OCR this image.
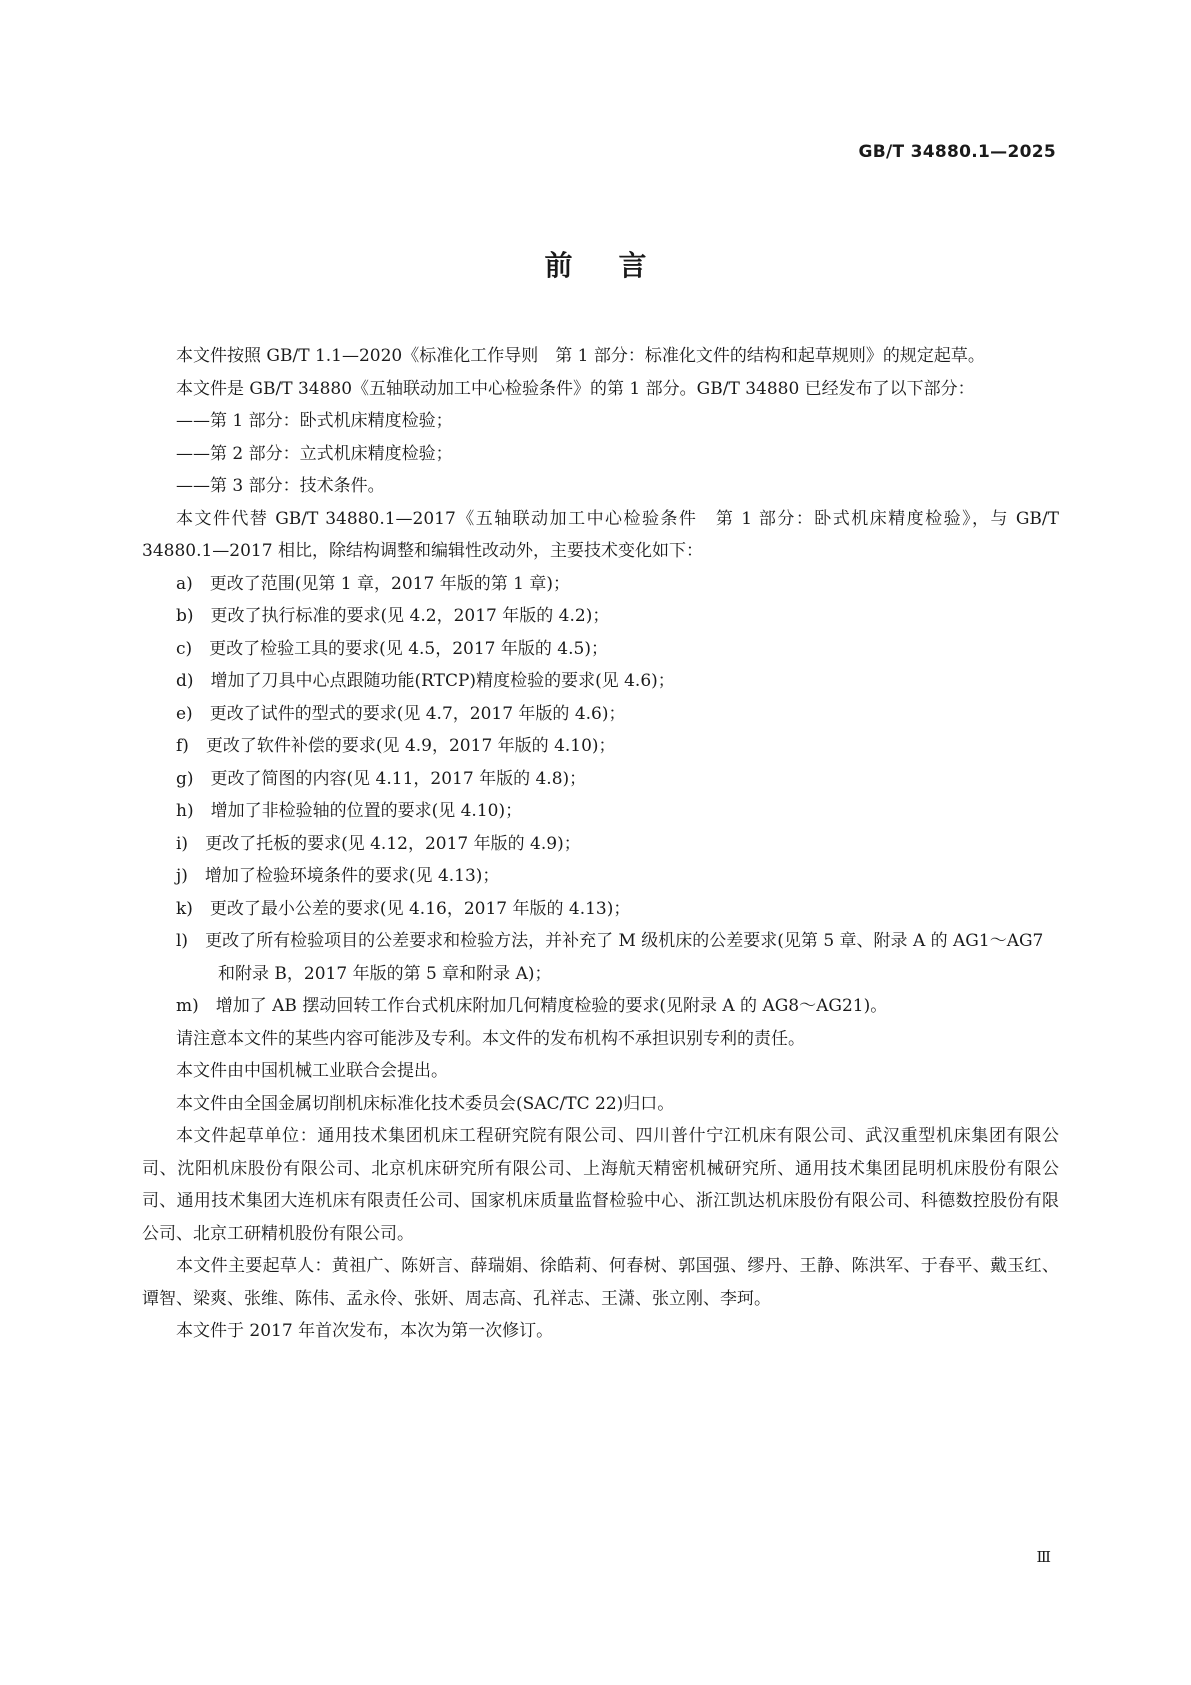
GB/T 34880.1—2025
前言

本文件按照 GB/T 1.1—2020《标准化工作导则　第 1 部分：标准化文件的结构和起草规则》的规定起草。

本文件是 GB/T 34880《五轴联动加工中心检验条件》的第 1 部分。GB/T 34880 已经发布了以下部分：

——第 1 部分：卧式机床精度检验；

——第 2 部分：立式机床精度检验；

——第 3 部分：技术条件。

本文件代替 GB/T 34880.1—2017《五轴联动加工中心检验条件　第 1 部分：卧式机床精度检验》，与 GB/T 34880.1—2017 相比，除结构调整和编辑性改动外，主要技术变化如下：

a)　更改了范围(见第 1 章，2017 年版的第 1 章)；

b)　更改了执行标准的要求(见 4.2，2017 年版的 4.2)；

c)　更改了检验工具的要求(见 4.5，2017 年版的 4.5)；

d)　增加了刀具中心点跟随功能(RTCP)精度检验的要求(见 4.6)；

e)　更改了试件的型式的要求(见 4.7，2017 年版的 4.6)；

f)　更改了软件补偿的要求(见 4.9，2017 年版的 4.10)；

g)　更改了简图的内容(见 4.11，2017 年版的 4.8)；

h)　增加了非检验轴的位置的要求(见 4.10)；

i)　更改了托板的要求(见 4.12，2017 年版的 4.9)；

j)　增加了检验环境条件的要求(见 4.13)；

k)　更改了最小公差的要求(见 4.16，2017 年版的 4.13)；

l)　更改了所有检验项目的公差要求和检验方法，并补充了 M 级机床的公差要求(见第 5 章、附录 A 的 AG1～AG7 和附录 B，2017 年版的第 5 章和附录 A)；

m)　增加了 AB 摆动回转工作台式机床附加几何精度检验的要求(见附录 A 的 AG8～AG21)。

请注意本文件的某些内容可能涉及专利。本文件的发布机构不承担识别专利的责任。

本文件由中国机械工业联合会提出。

本文件由全国金属切削机床标准化技术委员会(SAC/TC 22)归口。

本文件起草单位：通用技术集团机床工程研究院有限公司、四川普什宁江机床有限公司、武汉重型机床集团有限公司、沈阳机床股份有限公司、北京机床研究所有限公司、上海航天精密机械研究所、通用技术集团昆明机床股份有限公司、通用技术集团大连机床有限责任公司、国家机床质量监督检验中心、浙江凯达机床股份有限公司、科德数控股份有限公司、北京工研精机股份有限公司。

本文件主要起草人：黄祖广、陈妍言、薛瑞娟、徐皓莉、何春树、郭国强、缪丹、王静、陈洪军、于春平、戴玉红、谭智、梁爽、张维、陈伟、孟永伶、张妍、周志高、孔祥志、王潇、张立刚、李珂。

本文件于 2017 年首次发布，本次为第一次修订。

Ⅲ
